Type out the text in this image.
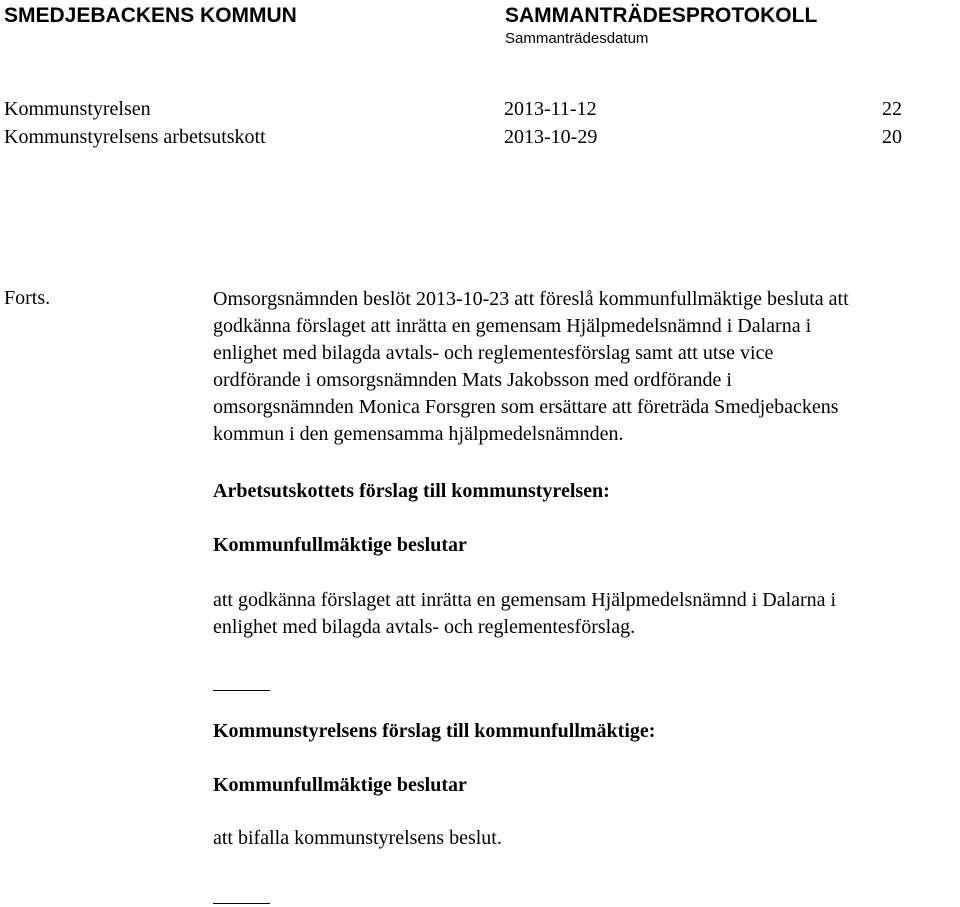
SMEDJEBACKENS KOMMUN	SAMMANTRÄDESPROTOKOLL
Sammanträdesdatum
Kommunstyrelsen	2013-11-12	22
Kommunstyrelsens arbetsutskott	2013-10-29	20
Forts.	Omsorgsnämnden beslöt 2013-10-23 att föreslå kommunfullmäktige besluta att
godkänna förslaget att inrätta en gemensam Hjälpmedelsnämnd i Dalarna i
enlighet med bilagda avtals- och reglementesförslag samt att utse vice
ordförande i omsorgsnämnden Mats Jakobsson med ordförande i
omsorgsnämnden Monica Forsgren som ersättare att företräda Smedjebackens
kommun i den gemensamma hjälpmedelsnämnden.
Arbetsutskottets förslag till kommunstyrelsen:
Kommunfullmäktige beslutar
att godkänna förslaget att inrätta en gemensam Hjälpmedelsnämnd i Dalarna i
enlighet med bilagda avtals- och reglementesförslag.
Kommunstyrelsens förslag till kommunfullmäktige:
Kommunfullmäktige beslutar
att bifalla kommunstyrelsens beslut.
